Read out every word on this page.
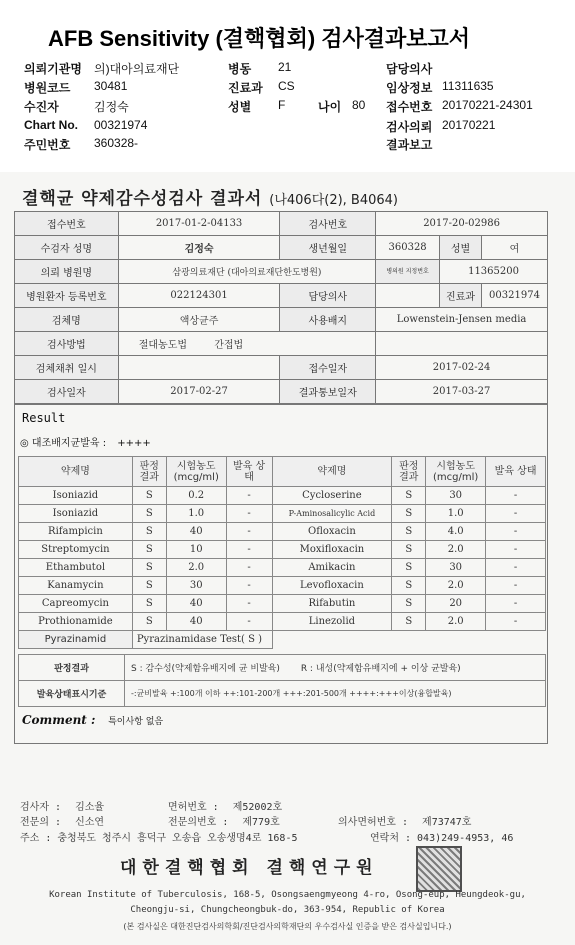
AFB Sensitivity (결핵협회) 검사결과보고서
의뢰기관명 의)대아의료재단	병동 21	담당의사
병원코드 30481	진료과 CS	임상정보 11311635
수진자	김정숙	성별 F	나이 80 접수번호 20170221-24301
Chart No. 00321974	검사의뢰 20170221
주민번호 360328-	결과보고
결핵균 약제감수성검사 결과서 (나406다(2), B4064)
접수번호	2017-01-2-04133	검사번호	2017-20-02986		
수검자 성명	김정숙	생년월일	360328	성별	여
의뢰 병원명	삼광의료재단 (대아의료재단한도병원)		병의원 지정번호	11365200	
병원환자 등록번호	022124301	담당의사		진료과	00321974
검체명	액상균주	사용배지	Lowenstein-Jensen media		
검사방법	절대농도법 간접법				
검체채취 일시		접수일자	2017-02-24		
검사일자	2017-02-27	결과통보일자	2017-03-27		
Result
◎ 대조배지균발육 : ++++
약제명	판정 결과	시험농도 (mcg/ml)	발육 상태	약제명	판정 결과	시험농도 (mcg/ml)	발육 상태
Isoniazid	S	0.2	-	Cycloserine	S	30	-
Isoniazid	S	1.0	-	P-Aminosalicylic Acid	S	1.0	-
Rifampicin	S	40	-	Ofloxacin	S	4.0	-
Streptomycin	S	10	-	Moxifloxacin	S	2.0	-
Ethambutol	S	2.0	-	Amikacin	S	30	-
Kanamycin	S	30	-	Levofloxacin	S	2.0	-
Capreomycin	S	40	-	Rifabutin	S	20	-
Prothionamide	S	40	-	Linezolid	S	2.0	-
Pyrazinamid	Pyrazinamidase Test( S )						
판정결과	S : 감수성(약제함유배지에 균 비발육) R : 내성(약제함유배지에 + 이상 균발육)
발육상태표시기준	-:균비발육 +:100개 이하 ++:101-200개 +++:201-500개 ++++:+++이상(융합발육)
Comment : 특이사항 없음
검사자 : 김소율	면허번호 : 제52002호
전문의 : 신소연	전문의번호 : 제779호	의사면허번호 : 제73747호
주소 : 충청북도 청주시 흥덕구 오송읍 오송생명4로 168-5	연락처 : 043)249-4953, 46
대한결핵협회 결핵연구원
Korean Institute of Tuberculosis, 168-5, Osongsaengmyeong 4-ro, Osong-eup, Heungdeok-gu,
Cheongju-si, Chungcheongbuk-do, 363-954, Republic of Korea
(본 검사실은 대한진단검사의학회/진단검사의학재단의 우수검사실 인증을 받은 검사실입니다.)
